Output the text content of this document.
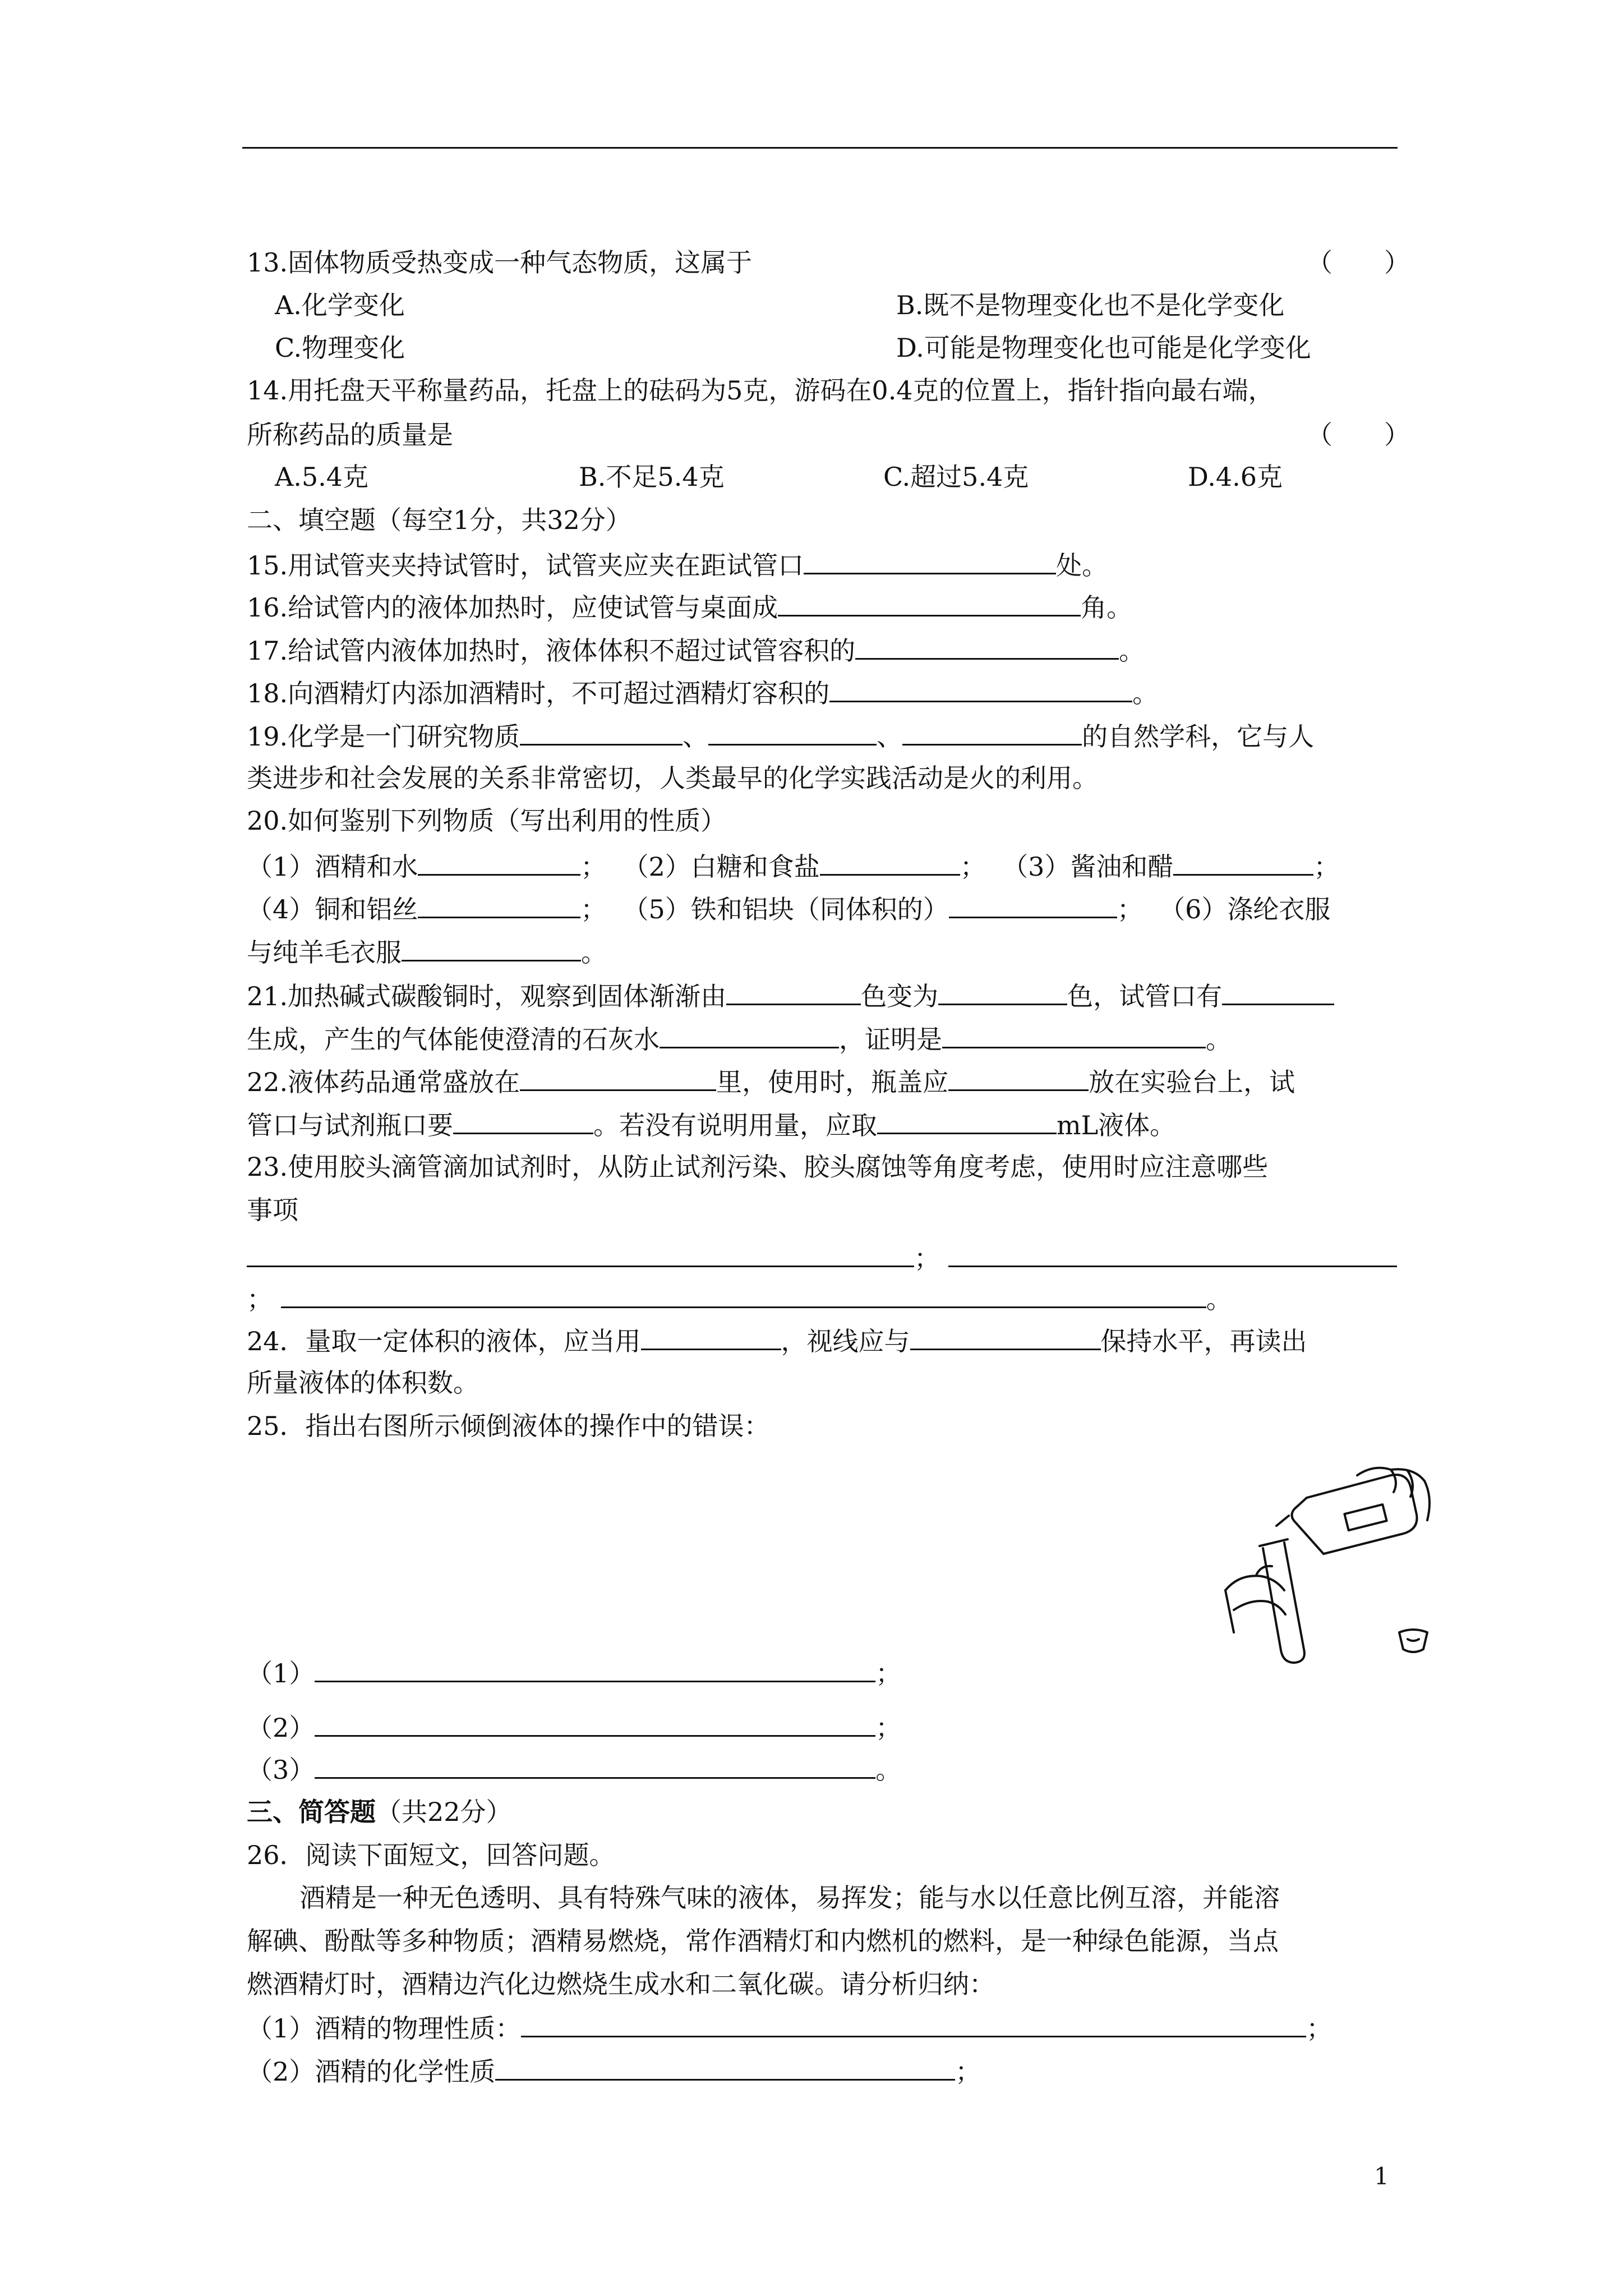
13.固体物质受热变成一种气态物质，这属于	（　　）
A.化学变化	B.既不是物理变化也不是化学变化
C.物理变化	D.可能是物理变化也可能是化学变化
14.用托盘天平称量药品，托盘上的砝码为5克，游码在0.4克的位置上，指针指向最右端，
所称药品的质量是	（　　）
A.5.4克	B.不足5.4克	C.超过5.4克	D.4.6克
二、填空题（每空1分，共32分）
15.用试管夹夹持试管时，试管夹应夹在距试管口	处。
16.给试管内的液体加热时，应使试管与桌面成	角。
17.给试管内液体加热时，液体体积不超过试管容积的	。
18.向酒精灯内添加酒精时，不可超过酒精灯容积的	。
19.化学是一门研究物质	、	、	的自然学科，它与人
类进步和社会发展的关系非常密切，人类最早的化学实践活动是火的利用。
20.如何鉴别下列物质（写出利用的性质）
（1）酒精和水	； （2）白糖和食盐	； （3）酱油和醋	；
（4）铜和铝丝	； （5）铁和铝块（同体积的）	； （6）涤纶衣服
与纯羊毛衣服	。
21.加热碱式碳酸铜时，观察到固体渐渐由	色变为	色，试管口有
生成，产生的气体能使澄清的石灰水	，证明是	。
22.液体药品通常盛放在	里，使用时，瓶盖应	放在实验台上，试
管口与试剂瓶口要	。若没有说明用量，应取	mL液体。
23.使用胶头滴管滴加试剂时，从防止试剂污染、胶头腐蚀等角度考虑，使用时应注意哪些
事项
；
；	。
24．量取一定体积的液体，应当用	，视线应与	保持水平，再读出
所量液体的体积数。
25．指出右图所示倾倒液体的操作中的错误：
（1）	；
（2）	；
（3）	。
三、简答题（共22分）
26．阅读下面短文，回答问题。
酒精是一种无色透明、具有特殊气味的液体，易挥发；能与水以任意比例互溶，并能溶
解碘、酚酞等多种物质；酒精易燃烧，常作酒精灯和内燃机的燃料，是一种绿色能源，当点
燃酒精灯时，酒精边汽化边燃烧生成水和二氧化碳。请分析归纳：
（1）酒精的物理性质：	；
（2）酒精的化学性质	；
1
